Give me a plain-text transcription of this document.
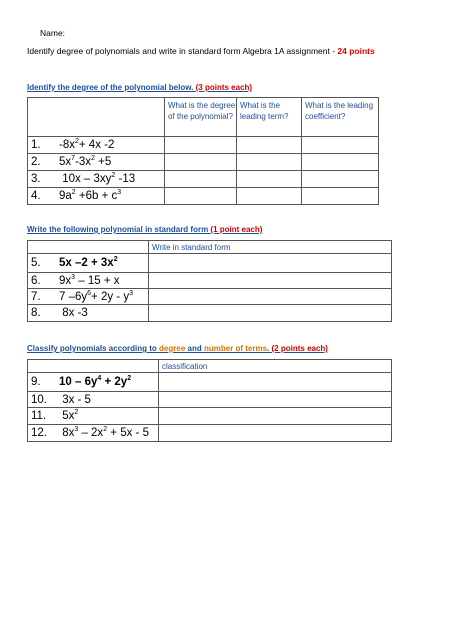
Name:
Identify degree of polynomials and write in standard form Algebra 1A assignment - 24 points
Identify the degree of the polynomial below. (3 points each)
	What is the degree of the polynomial?	What is the leading term?	What is the leading coefficient?
1. $-8x^2+ 4x$ -2			
2. $5x^7-3x^2 +5$			
3. $10x - 3xy^2$ -13			
4. $9a^2 +6b + c^3$			
Write the following polynomial in standard form (1 point each)
	Write in standard form
5. 5x $-2 + 3x^2$	
6. $9x^3 - 15 + x$	
7. 7 $-6y^6+ 2y - y^3$	
8. 8x -3	
Classify polynomials according to degree and number of terms. (2 points each)
	classification
9. $10 - 6y^4 + 2y^2$	
10. 3x - 5	
11. $5x^2$	
12. $8x^3 - 2x^2 + 5x - 5$	
